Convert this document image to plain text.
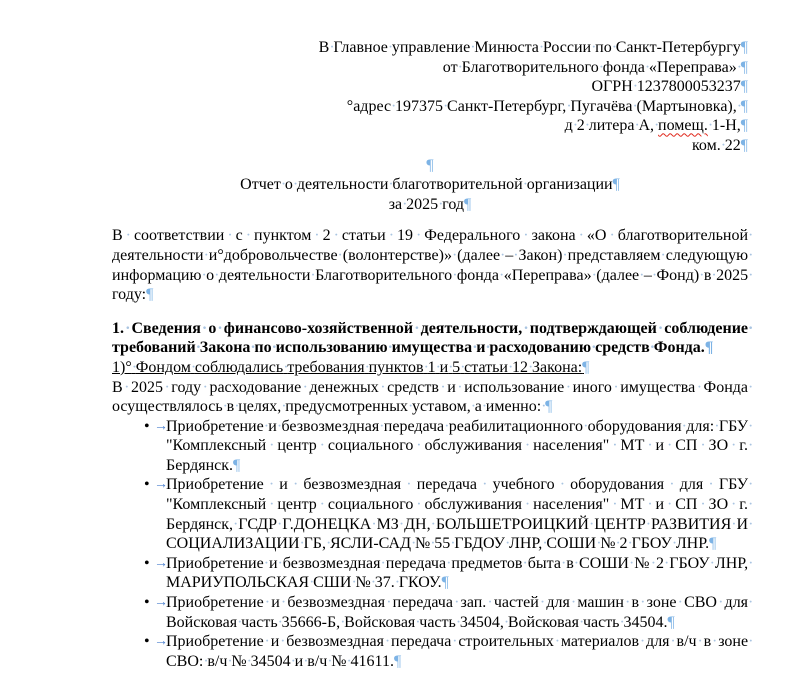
В · Главное · управление · Минюста · России · по · Санкт-Петербургу¶

от · Благотворительного · фонда · «Переправа» · ¶

ОГРН · 1237800053237¶

°адрес · 197375 · Санкт-Петербург, · Пугачёва · (Мартыновка), · ¶

д · 2 · литера · А, · помещ. · 1-Н,¶

ком. · 22¶

¶

Отчет · о · деятельности · благотворительной · организации¶

за · 2025 · год¶

В · соответствии · с · пунктом · 2 · статьи · 19 · Федерального · закона · «О · благотворительной деятельности · и°добровольчестве· (волонтерстве)» · (далее · – · Закон) · представляем · следующую информацию · о · деятельности · Благотворительного · фонда · «Переправа»· (далее · – · Фонд) · в · 2025 году:¶

1. · Сведения · о · финансово-хозяйственной · деятельности,· подтверждающей · соблюдение требований · Закона · по · использованию· имущества · и · расходованию · средств · Фонда.¶

1)° · Фондом · соблюдались · требования · пунктов · 1 · и · 5 · статьи · 12 · Закона:¶

В · 2025 · году · расходование · денежных · средств · и · использование· иного · имущества · Фонда осуществлялось · в · целях,· предусмотренных · уставом, · а · именно: · ¶

• →
Приобретение · и · безвозмездная · передача · реабилитационного· оборудования · для: · ГБУ "Комплексный · центр · социального· обслуживания · населения" · МТ · и · СП · ЗО · г. Бердянск.¶
• →
Приобретение · и · безвозмездная · передача · учебного · оборудования · для · ГБУ "Комплексный · центр · социального· обслуживания · населения" · МТ · и · СП · ЗО · г. Бердянск,· ГСДР · Г.ДОНЕЦКА · МЗ · ДН, · БОЛЬШЕТРОИЦКИЙ · ЦЕНТР· РАЗВИТИЯ · И СОЦИАЛИЗАЦИИ · ГБ, · ЯСЛИ-САД · № · 55· ГБДОУ · ЛНР, · СОШИ · № · 2 · ГБОУ · ЛНР.¶
• →
Приобретение · и · безвозмездная · передача · предметов · быта · в· СОШИ · № · 2 · ГБОУ · ЛНР, МАРИУПОЛЬСКАЯ · СШИ · № · 37. · ГКОУ.¶
• →
Приобретение · и · безвозмездная · передача · зап. · частей · для· машин · в · зоне · СВО · для Войсковая · часть · 35666-Б,· Войсковая · часть · 34504, · Войсковая · часть · 34504.¶
• →
Приобретение · и · безвозмездная · передача · строительных· материалов · для · в/ч · в · зоне СВО: · в/ч · № · 34504 · и· в/ч · № · 41611.¶
